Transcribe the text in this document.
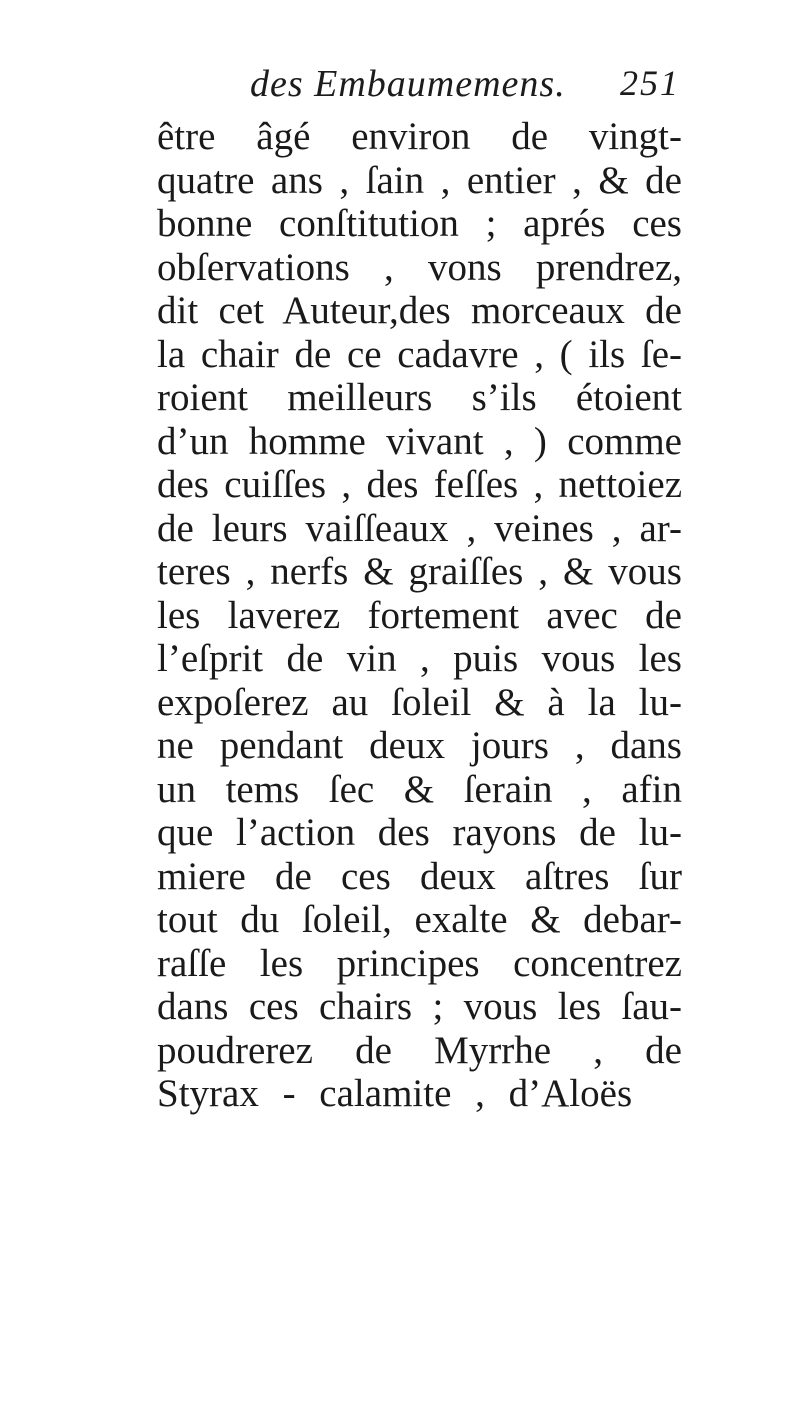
des Embaumemens. 251
être âgé environ de vingt-
quatre ans , ſain , entier , & de
bonne conſtitution ; aprés ces
obſervations , vons prendrez,
dit cet Auteur,des morceaux de
la chair de ce cadavre , ( ils ſe-
roient meilleurs s’ils étoient
d’un homme vivant , ) comme
des cuiſſes , des feſſes , nettoiez
de leurs vaiſſeaux , veines , ar-
teres , nerfs & graiſſes , & vous
les laverez fortement avec de
l’eſprit de vin , puis vous les
expoſerez au ſoleil & à la lu-
ne pendant deux jours , dans
un tems ſec & ſerain , afin
que l’action des rayons de lu-
miere de ces deux aſtres ſur
tout du ſoleil, exalte & debar-
raſſe les principes concentrez
dans ces chairs ; vous les ſau-
poudrerez de Myrrhe , de
Styrax - calamite , d’Aloës
